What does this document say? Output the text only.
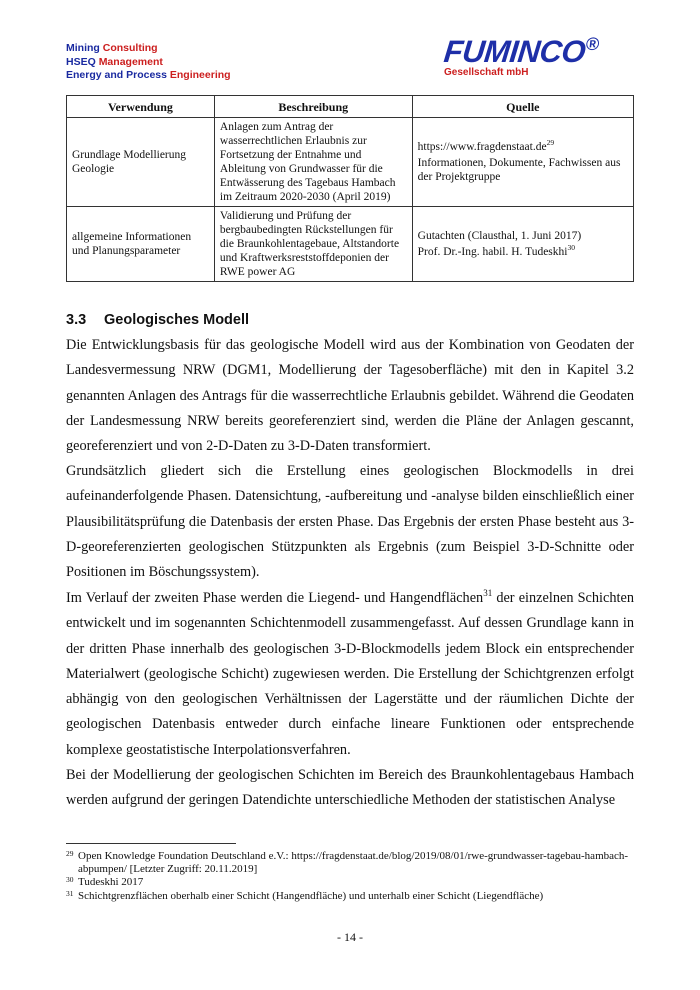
Mining Consulting
HSEQ Management
Energy and Process Engineering
FUMINCO®
Gesellschaft mbH
Verwendung	Beschreibung	Quelle
Grundlage Modellierung Geologie	Anlagen zum Antrag der wasserrechtlichen Erlaubnis zur Fortsetzung der Entnahme und Ableitung von Grundwasser für die Entwässerung des Tagebaus Hambach im Zeitraum 2020-2030 (April 2019)	$https://www.fragdenstaat.de^{29}$
Informationen, Dokumente, Fachwissen aus der Projektgruppe

allgemeine Informationen und Planungsparameter	Validierung und Prüfung der bergbaubedingten Rückstellungen für die Braunkohlentagebaue, Altstandorte und Kraftwerksreststoffdeponien der RWE power AG	Gutachten (Clausthal, 1. Juni 2017)
Prof. Dr.-Ing. habil. H. Tudeskhi$^{30}$
3.3 Geologisches Modell

Die Entwicklungsbasis für das geologische Modell wird aus der Kombination von Geodaten der Landesvermessung NRW (DGM1, Modellierung der Tagesoberfläche) mit den in Kapitel 3.2 genannten Anlagen des Antrags für die wasserrechtliche Erlaubnis gebildet. Während die Geodaten der Landesmessung NRW bereits georeferenziert sind, werden die Pläne der Anlagen gescannt, georeferenziert und von 2-D-Daten zu 3-D-Daten transformiert.

Grundsätzlich gliedert sich die Erstellung eines geologischen Blockmodells in drei aufeinanderfolgende Phasen. Datensichtung, -aufbereitung und -analyse bilden einschließlich einer Plausibilitätsprüfung die Datenbasis der ersten Phase. Das Ergebnis der ersten Phase besteht aus 3-D-georeferenzierten geologischen Stützpunkten als Ergebnis (zum Beispiel 3-D-Schnitte oder Positionen im Böschungssystem).

Im Verlauf der zweiten Phase werden die Liegend- und Hangendflächen$^{31}$ der einzelnen Schichten entwickelt und im sogenannten Schichtenmodell zusammengefasst. Auf dessen Grundlage kann in der dritten Phase innerhalb des geologischen 3-D-Blockmodells jedem Block ein entsprechender Materialwert (geologische Schicht) zugewiesen werden. Die Erstellung der Schichtgrenzen erfolgt abhängig von den geologischen Verhältnissen der Lagerstätte und der räumlichen Dichte der geologischen Datenbasis entweder durch einfache lineare Funktionen oder entsprechende komplexe geostatistische Interpolationsverfahren.

Bei der Modellierung der geologischen Schichten im Bereich des Braunkohlentagebaus Hambach werden aufgrund der geringen Datendichte unterschiedliche Methoden der statistischen Analyse

29 Open Knowledge Foundation Deutschland e.V.: https://fragdenstaat.de/blog/2019/08/01/rwe-grundwasser-tagebau-hambach-abpumpen/ [Letzter Zugriff: 20.11.2019]
30 Tudeskhi 2017
31 Schichtgrenzflächen oberhalb einer Schicht (Hangendfläche) und unterhalb einer Schicht (Liegendfläche)
- 14 -
